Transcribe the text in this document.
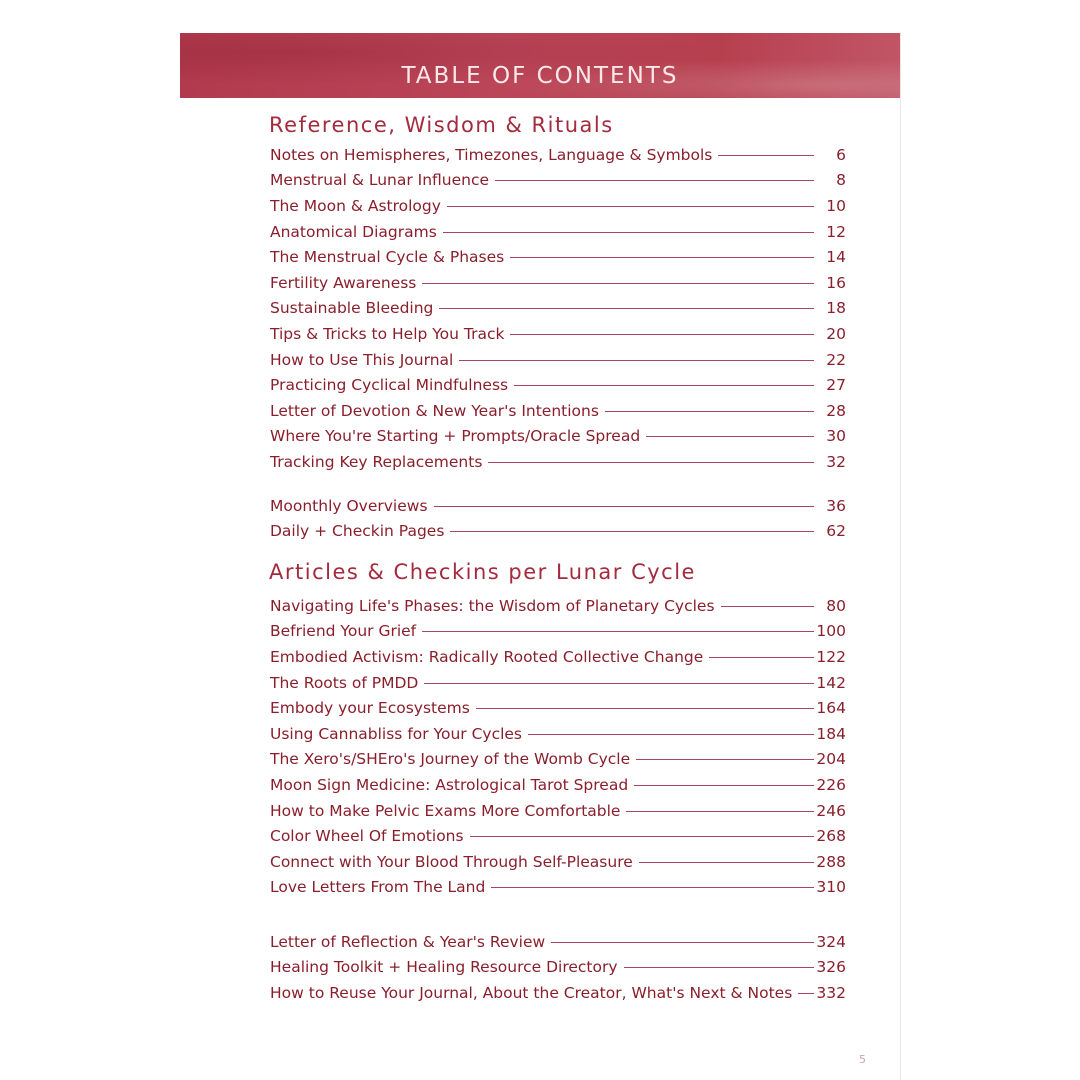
TABLE OF CONTENTS
Reference, Wisdom & Rituals
Notes on Hemispheres, Timezones, Language & Symbols	6
Menstrual & Lunar Influence	8
The Moon & Astrology	10
Anatomical Diagrams	12
The Menstrual Cycle & Phases	14
Fertility Awareness	16
Sustainable Bleeding	18
Tips & Tricks to Help You Track	20
How to Use This Journal	22
Practicing Cyclical Mindfulness	27
Letter of Devotion & New Year's Intentions	28
Where You're Starting + Prompts/Oracle Spread	30
Tracking Key Replacements	32
Moonthly Overviews	36
Daily + Checkin Pages	62
Articles & Checkins per Lunar Cycle
Navigating Life's Phases: the Wisdom of Planetary Cycles	80
Befriend Your Grief	100
Embodied Activism: Radically Rooted Collective Change	122
The Roots of PMDD	142
Embody your Ecosystems	164
Using Cannabliss for Your Cycles	184
The Xero's/SHEro's Journey of the Womb Cycle	204
Moon Sign Medicine: Astrological Tarot Spread	226
How to Make Pelvic Exams More Comfortable	246
Color Wheel Of Emotions	268
Connect with Your Blood Through Self-Pleasure	288
Love Letters From The Land	310
Letter of Reflection & Year's Review	324
Healing Toolkit + Healing Resource Directory	326
How to Reuse Your Journal, About the Creator, What's Next & Notes	332
5
